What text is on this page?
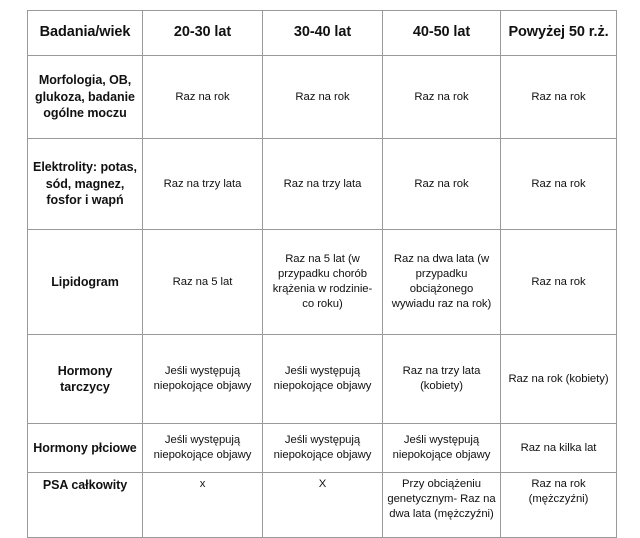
Badania/wiek	20-30 lat	30-40 lat	40-50 lat	Powyżej 50 r.ż.
Morfologia, OB, glukoza, badanie ogólne moczu	Raz na rok	Raz na rok	Raz na rok	Raz na rok
Elektrolity: potas, sód, magnez, fosfor i wapń	Raz na trzy lata	Raz na trzy lata	Raz na rok	Raz na rok
Lipidogram	Raz na 5 lat	Raz na 5 lat (w przypadku chorób krążenia w rodzinie- co roku)	Raz na dwa lata (w przypadku obciążonego wywiadu raz na rok)	Raz na rok
Hormony tarczycy	Jeśli występują niepokojące objawy	Jeśli występują niepokojące objawy	Raz na trzy lata (kobiety)	Raz na rok (kobiety)
Hormony płciowe	Jeśli występują niepokojące objawy	Jeśli występują niepokojące objawy	Jeśli występują niepokojące objawy	Raz na kilka lat
PSA całkowity	x	X	Przy obciążeniu genetycznym- Raz na dwa lata (mężczyźni)	Raz na rok (mężczyźni)
